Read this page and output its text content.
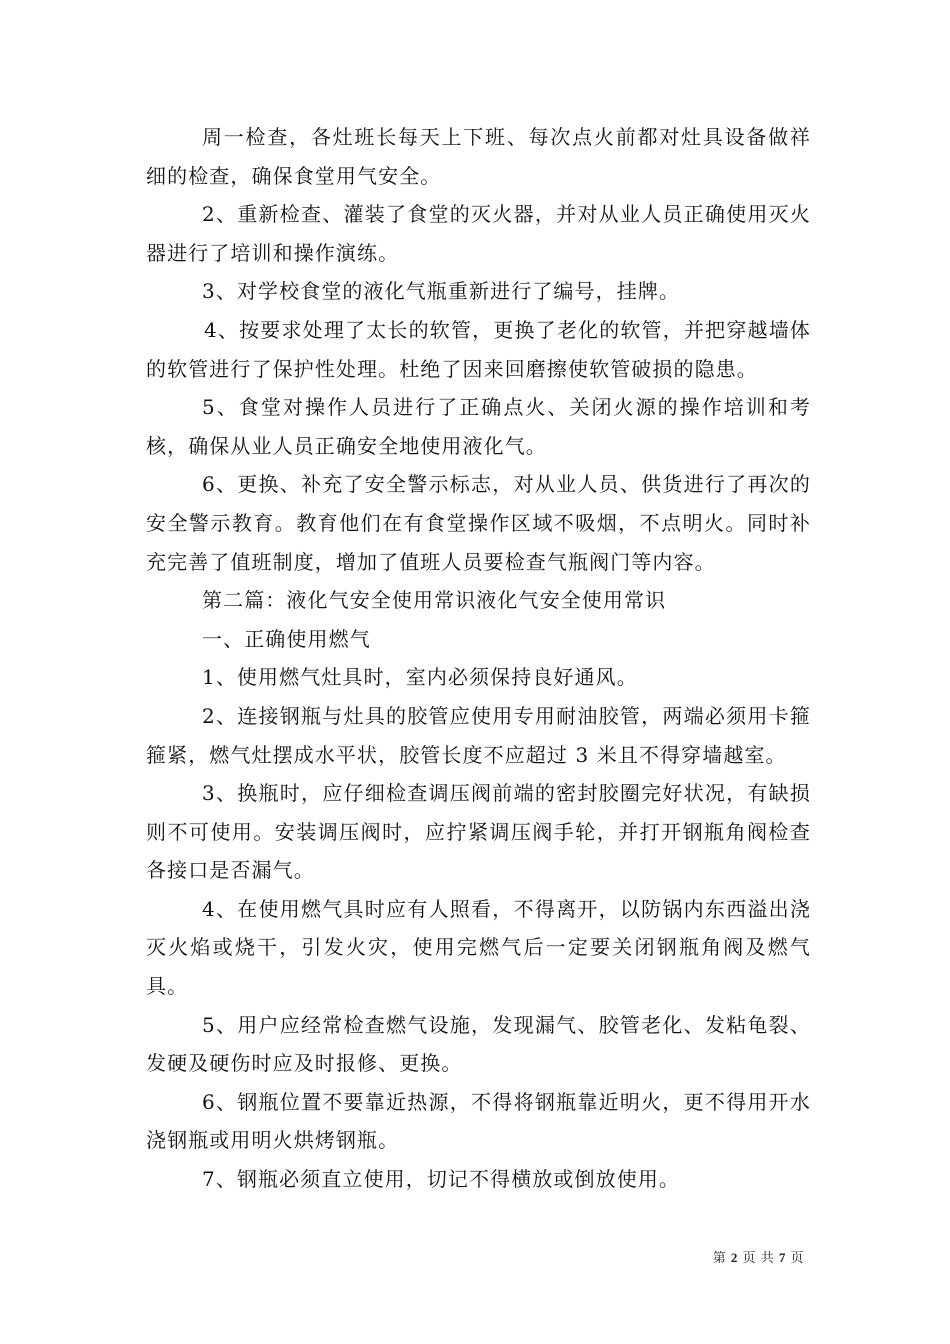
周一检查，各灶班长每天上下班、每次点火前都对灶具设备做祥细的检查，确保食堂用气安全。

2、重新检查、灌装了食堂的灭火器，并对从业人员正确使用灭火器进行了培训和操作演练。

3、对学校食堂的液化气瓶重新进行了编号，挂牌。

4、按要求处理了太长的软管，更换了老化的软管，并把穿越墙体的软管进行了保护性处理。杜绝了因来回磨擦使软管破损的隐患。

5、食堂对操作人员进行了正确点火、关闭火源的操作培训和考核，确保从业人员正确安全地使用液化气。

6、更换、补充了安全警示标志，对从业人员、供货进行了再次的安全警示教育。教育他们在有食堂操作区域不吸烟，不点明火。同时补充完善了值班制度，增加了值班人员要检查气瓶阀门等内容。

第二篇：液化气安全使用常识液化气安全使用常识

一、正确使用燃气

1、使用燃气灶具时，室内必须保持良好通风。

2、连接钢瓶与灶具的胶管应使用专用耐油胶管，两端必须用卡箍箍紧，燃气灶摆成水平状，胶管长度不应超过 3 米且不得穿墙越室。

3、换瓶时，应仔细检查调压阀前端的密封胶圈完好状况，有缺损则不可使用。安装调压阀时，应拧紧调压阀手轮，并打开钢瓶角阀检查各接口是否漏气。

4、在使用燃气具时应有人照看，不得离开，以防锅内东西溢出浇灭火焰或烧干，引发火灾，使用完燃气后一定要关闭钢瓶角阀及燃气具。

5、用户应经常检查燃气设施，发现漏气、胶管老化、发粘龟裂、发硬及硬伤时应及时报修、更换。

6、钢瓶位置不要靠近热源，不得将钢瓶靠近明火，更不得用开水浇钢瓶或用明火烘烤钢瓶。

7、钢瓶必须直立使用，切记不得横放或倒放使用。

第 2 页 共 7 页
